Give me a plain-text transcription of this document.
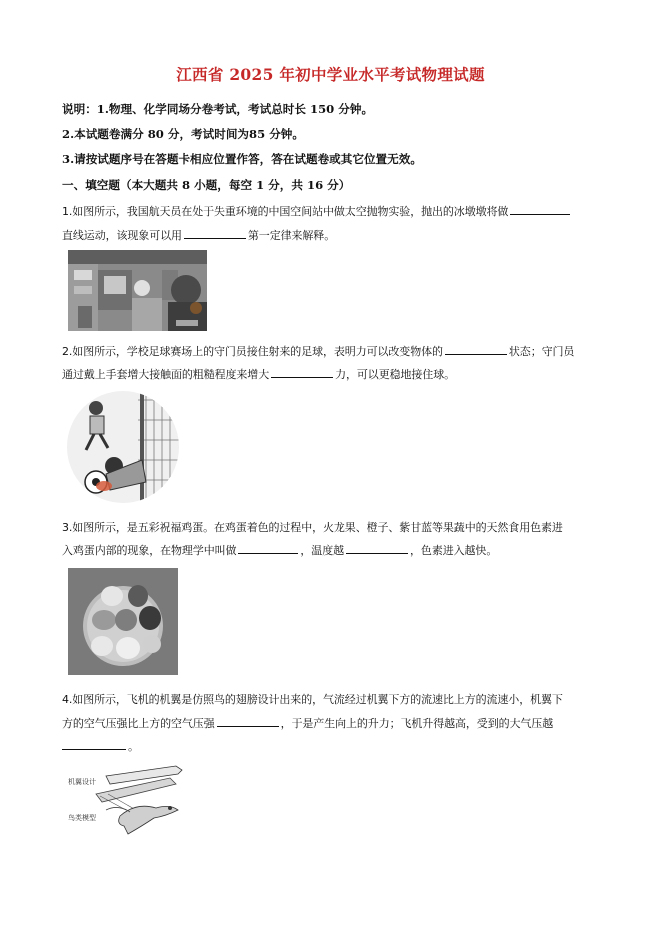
江西省 2025 年初中学业水平考试物理试题
说明：1.物理、化学同场分卷考试，考试总时长 150 分钟。
2.本试题卷满分 80 分，考试时间为85 分钟。
3.请按试题序号在答题卡相应位置作答，答在试题卷或其它位置无效。
一、填空题（本大题共 8 小题，每空 1 分，共 16 分）
1.如图所示，我国航天员在处于失重环境的中国空间站中做太空抛物实验，抛出的冰墩墩将做
直线运动，该现象可以用	第一定律来解释。
2.如图所示，学校足球赛场上的守门员接住射来的足球，表明力可以改变物体的	状态；守门员
通过戴上手套增大接触面的粗糙程度来增大	力，可以更稳地接住球。
3.如图所示，是五彩祝福鸡蛋。在鸡蛋着色的过程中，火龙果、橙子、紫甘蓝等果蔬中的天然食用色素进
入鸡蛋内部的现象，在物理学中叫做	，温度越	，色素进入越快。
4.如图所示，飞机的机翼是仿照鸟的翅膀设计出来的，气流经过机翼下方的流速比上方的流速小，机翼下
方的空气压强比上方的空气压强	，于是产生向上的升力；飞机升得越高，受到的大气压越
。
机翼设计
鸟类模型
